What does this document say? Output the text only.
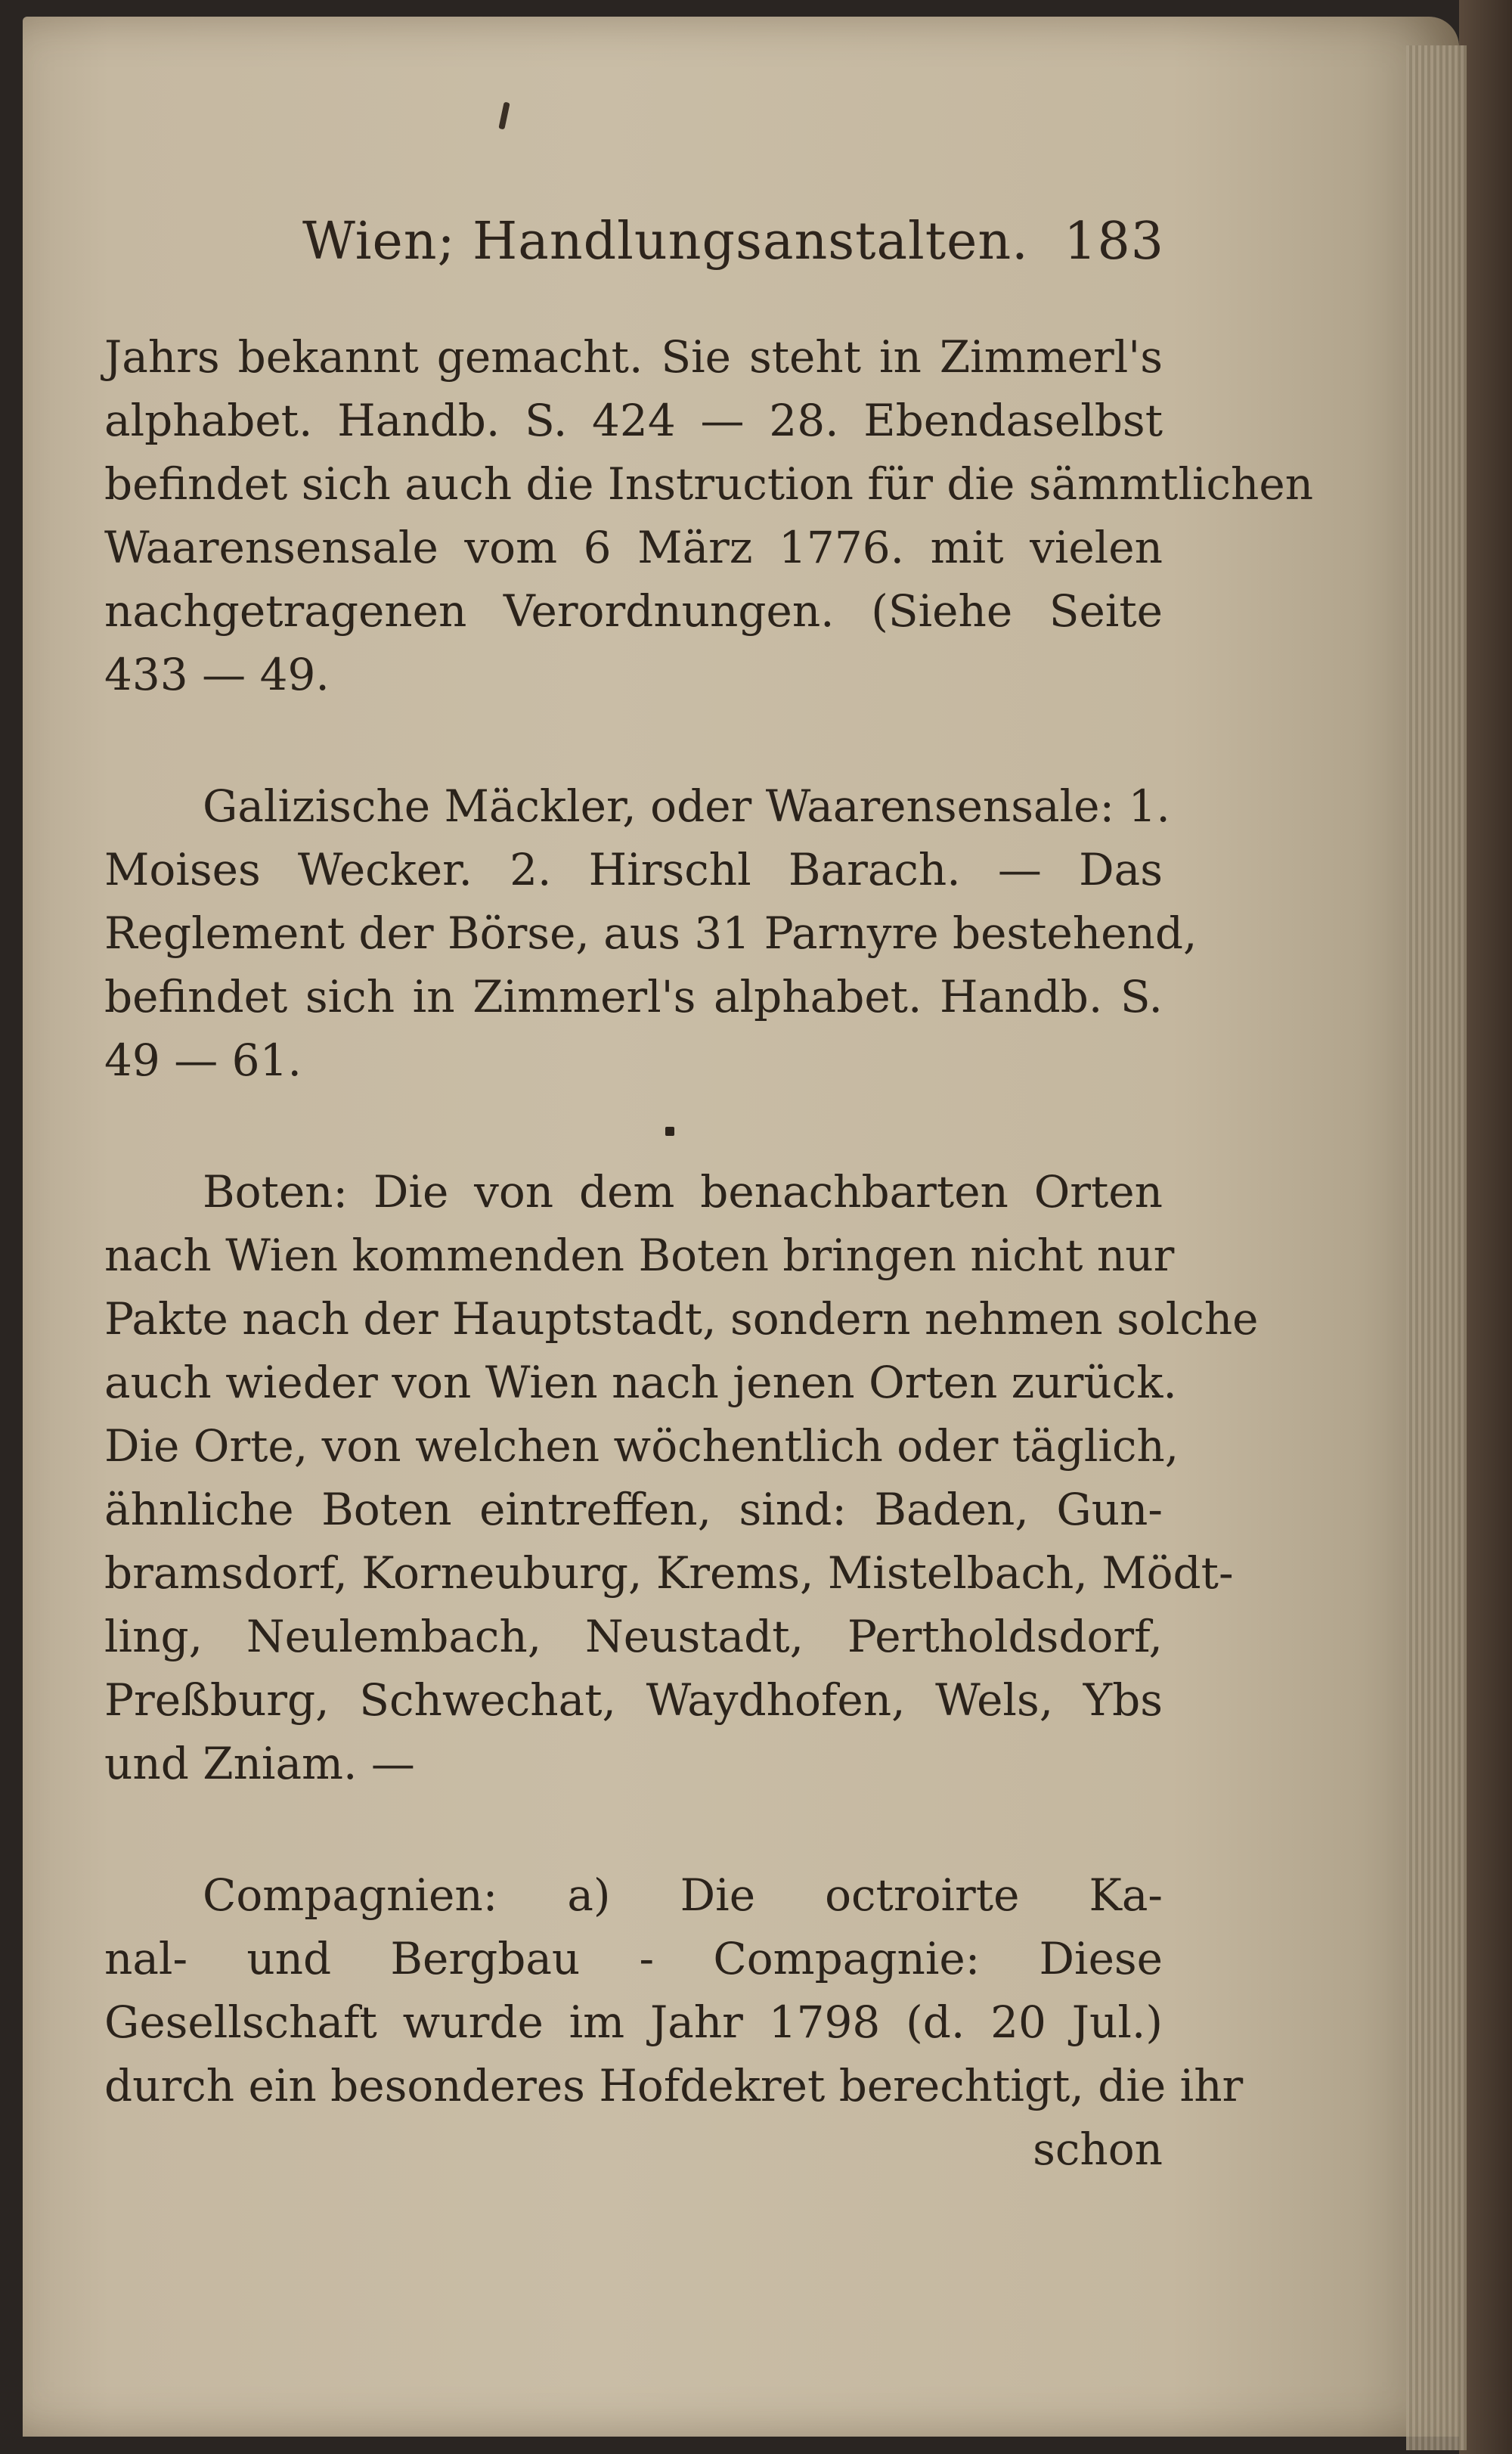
Wien; Handlungsanstalten. 183
Jahrs bekannt gemacht. Sie steht in Zimmerl's
alphabet. Handb. S. 424 — 28. Ebendaselbst
befindet sich auch die Instruction für die sämmtlichen
Waarensensale vom 6 März 1776. mit vielen
nachgetragenen Verordnungen. (Siehe Seite
433 — 49.
Galizische Mäckler, oder Waarensensale: 1.
Moises Wecker. 2. Hirschl Barach. — Das
Reglement der Börse, aus 31 Parnyre bestehend,
befindet sich in Zimmerl's alphabet. Handb. S.
49 — 61.
Boten: Die von dem benachbarten Orten
nach Wien kommenden Boten bringen nicht nur
Pakte nach der Hauptstadt, sondern nehmen solche
auch wieder von Wien nach jenen Orten zurück.
Die Orte, von welchen wöchentlich oder täglich,
ähnliche Boten eintreffen, sind: Baden, Gun-
bramsdorf, Korneuburg, Krems, Mistelbach, Mödt-
ling, Neulembach, Neustadt, Pertholdsdorf,
Preßburg, Schwechat, Waydhofen, Wels, Ybs
und Zniam. —
Compagnien: a) Die octroirte Ka-
nal- und Bergbau - Compagnie: Diese
Gesellschaft wurde im Jahr 1798 (d. 20 Jul.)
durch ein besonderes Hofdekret berechtigt, die ihr
schon
